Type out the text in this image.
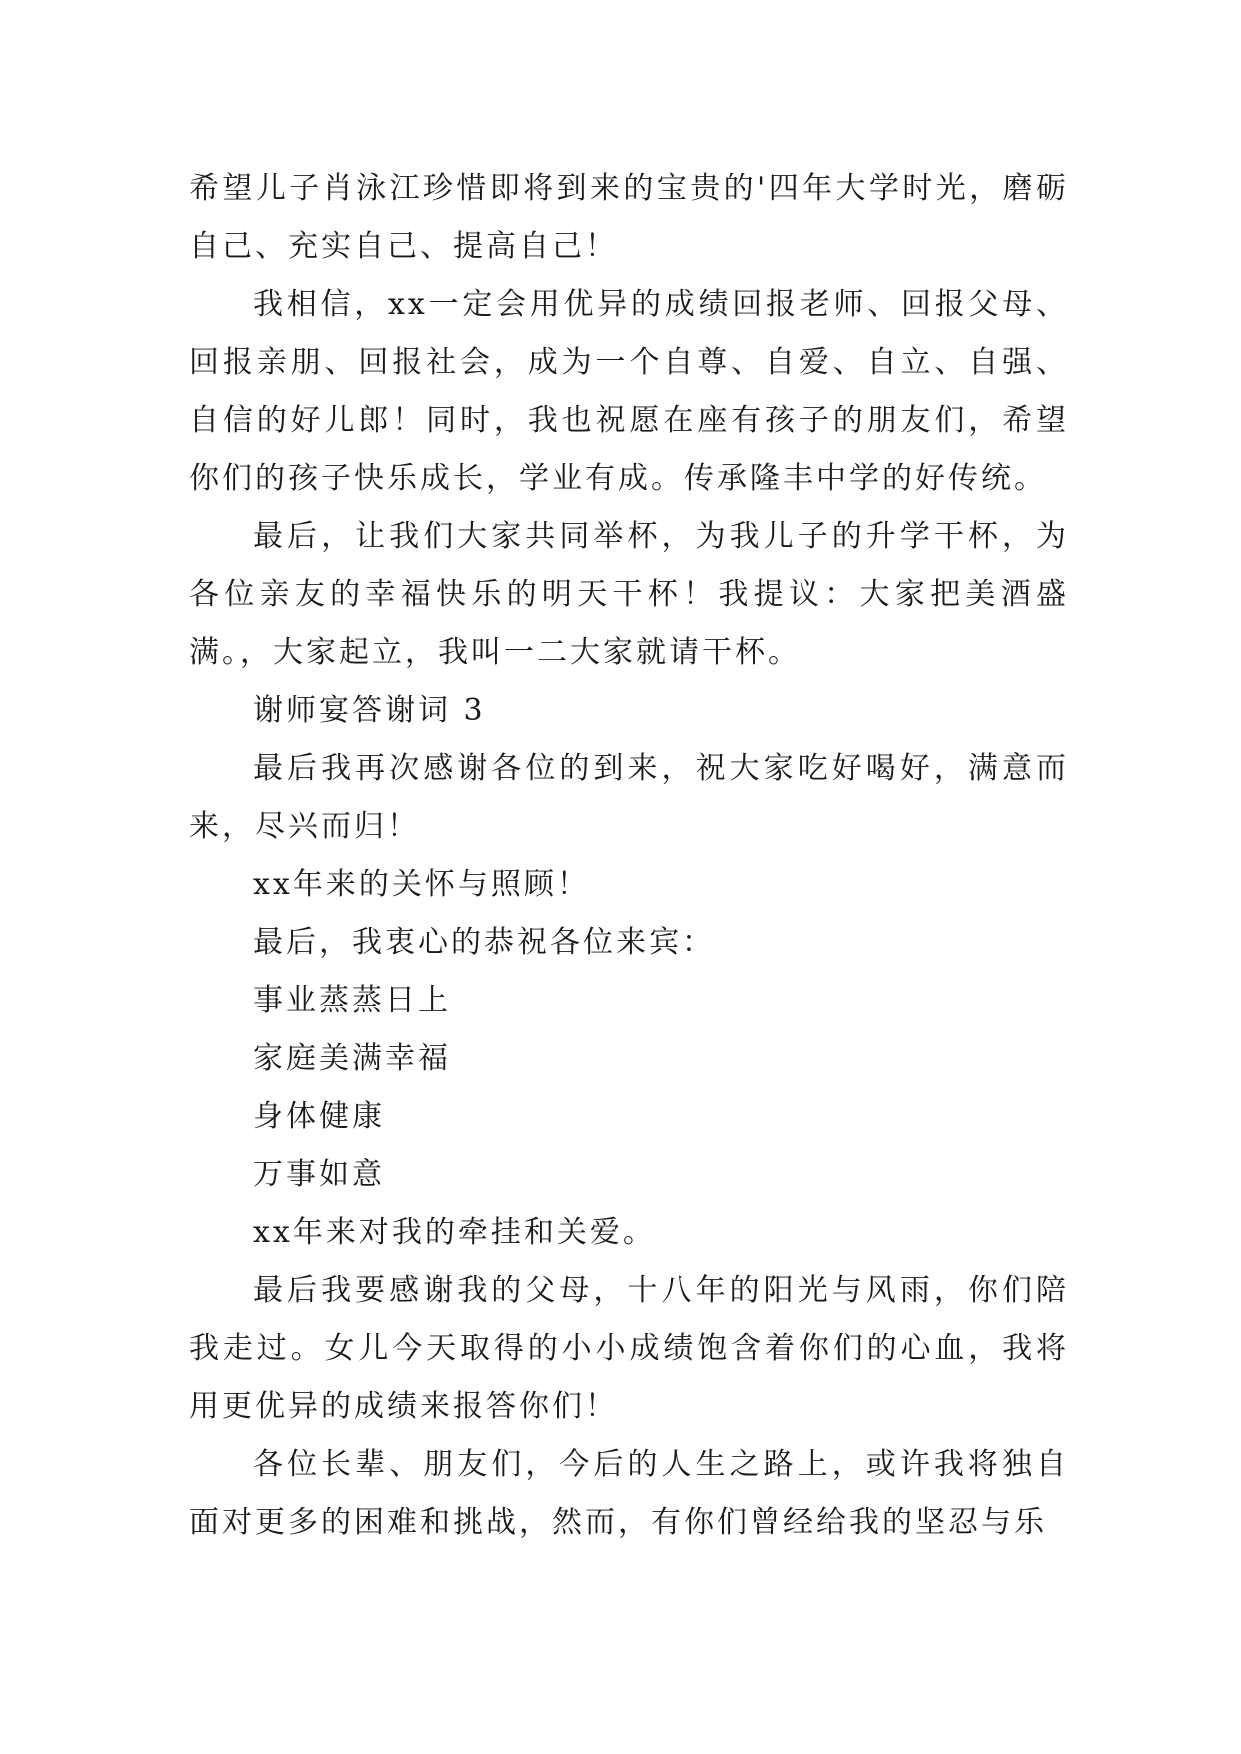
希望儿子肖泳江珍惜即将到来的宝贵的'四年大学时光，磨砺自己、充实自己、提高自己！

我相信，xx一定会用优异的成绩回报老师、回报父母、回报亲朋、回报社会，成为一个自尊、自爱、自立、自强、自信的好儿郎！同时，我也祝愿在座有孩子的朋友们，希望你们的孩子快乐成长，学业有成。传承隆丰中学的好传统。

最后，让我们大家共同举杯，为我儿子的升学干杯，为各位亲友的幸福快乐的明天干杯！我提议：大家把美酒盛满。，大家起立，我叫一二大家就请干杯。

谢师宴答谢词 3

最后我再次感谢各位的到来，祝大家吃好喝好，满意而来，尽兴而归！

xx年来的关怀与照顾！

最后，我衷心的恭祝各位来宾：

事业蒸蒸日上

家庭美满幸福

身体健康

万事如意

xx年来对我的牵挂和关爱。

最后我要感谢我的父母，十八年的阳光与风雨，你们陪我走过。女儿今天取得的小小成绩饱含着你们的心血，我将用更优异的成绩来报答你们！

各位长辈、朋友们，今后的人生之路上，或许我将独自面对更多的困难和挑战，然而，有你们曾经给我的坚忍与乐
